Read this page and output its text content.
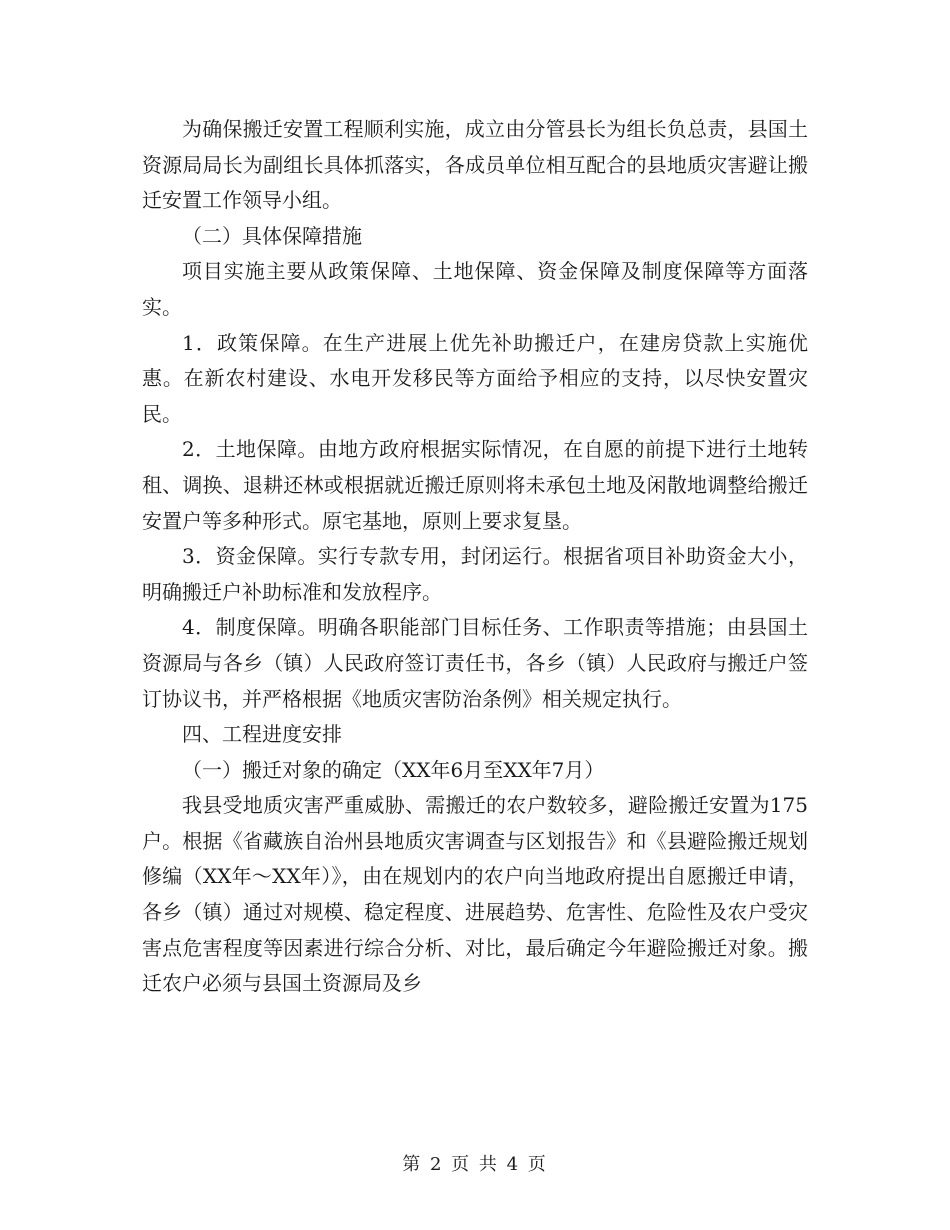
为确保搬迁安置工程顺利实施，成立由分管县长为组长负总责，县国土资源局局长为副组长具体抓落实，各成员单位相互配合的县地质灾害避让搬迁安置工作领导小组。

（二）具体保障措施

项目实施主要从政策保障、土地保障、资金保障及制度保障等方面落实。

1．政策保障。在生产进展上优先补助搬迁户，在建房贷款上实施优惠。在新农村建设、水电开发移民等方面给予相应的支持，以尽快安置灾民。

2．土地保障。由地方政府根据实际情况，在自愿的前提下进行土地转租、调换、退耕还林或根据就近搬迁原则将未承包土地及闲散地调整给搬迁安置户等多种形式。原宅基地，原则上要求复垦。

3．资金保障。实行专款专用，封闭运行。根据省项目补助资金大小，明确搬迁户补助标准和发放程序。

4．制度保障。明确各职能部门目标任务、工作职责等措施；由县国土资源局与各乡（镇）人民政府签订责任书，各乡（镇）人民政府与搬迁户签订协议书，并严格根据《地质灾害防治条例》相关规定执行。

四、工程进度安排

（一）搬迁对象的确定（XX年6月至XX年7月）

我县受地质灾害严重威胁、需搬迁的农户数较多，避险搬迁安置为175户。根据《省藏族自治州县地质灾害调查与区划报告》和《县避险搬迁规划修编（XX年～XX年）》，由在规划内的农户向当地政府提出自愿搬迁申请，各乡（镇）通过对规模、稳定程度、进展趋势、危害性、危险性及农户受灾害点危害程度等因素进行综合分析、对比，最后确定今年避险搬迁对象。搬迁农户必须与县国土资源局及乡

第 2 页 共 4 页
